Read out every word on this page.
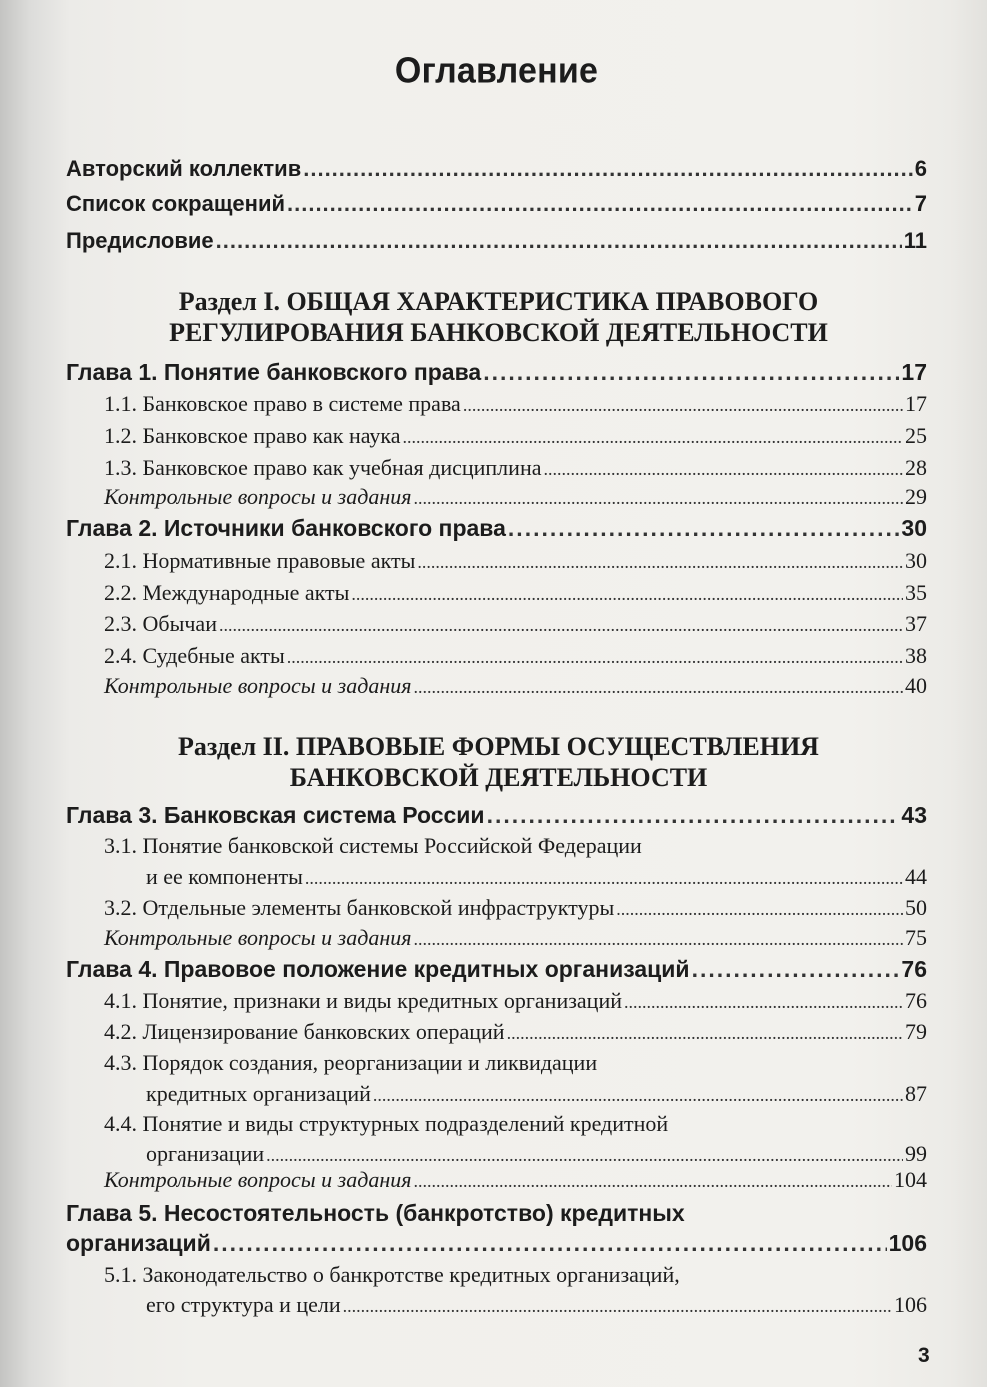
Оглавление
Авторский коллектив .....	6
Список сокращений .....	7
Предисловие .....	11
Раздел I. ОБЩАЯ ХАРАКТЕРИСТИКА ПРАВОВОГО
РЕГУЛИРОВАНИЯ БАНКОВСКОЙ ДЕЯТЕЛЬНОСТИ
Глава 1. Понятие банковского права .....	17
1.1. Банковское право в системе права .....	17
1.2. Банковское право как наука .....	25
1.3. Банковское право как учебная дисциплина .....	28
Контрольные вопросы и задания .....	29
Глава 2. Источники банковского права .....	30
2.1. Нормативные правовые акты .....	30
2.2. Международные акты .....	35
2.3. Обычаи .....	37
2.4. Судебные акты .....	38
Контрольные вопросы и задания .....	40
Раздел II. ПРАВОВЫЕ ФОРМЫ ОСУЩЕСТВЛЕНИЯ
БАНКОВСКОЙ ДЕЯТЕЛЬНОСТИ
Глава 3. Банковская система России .....	43
3.1. Понятие банковской системы Российской Федерации
и ее компоненты .....	44
3.2. Отдельные элементы банковской инфраструктуры .....	50
Контрольные вопросы и задания .....	75
Глава 4. Правовое положение кредитных организаций .....	76
4.1. Понятие, признаки и виды кредитных организаций .....	76
4.2. Лицензирование банковских операций .....	79
4.3. Порядок создания, реорганизации и ликвидации
кредитных организаций .....	87
4.4. Понятие и виды структурных подразделений кредитной
организации .....	99
Контрольные вопросы и задания .....	104
Глава 5. Несостоятельность (банкротство) кредитных
организаций .....	106
5.1. Законодательство о банкротстве кредитных организаций,
его структура и цели .....	106
3
